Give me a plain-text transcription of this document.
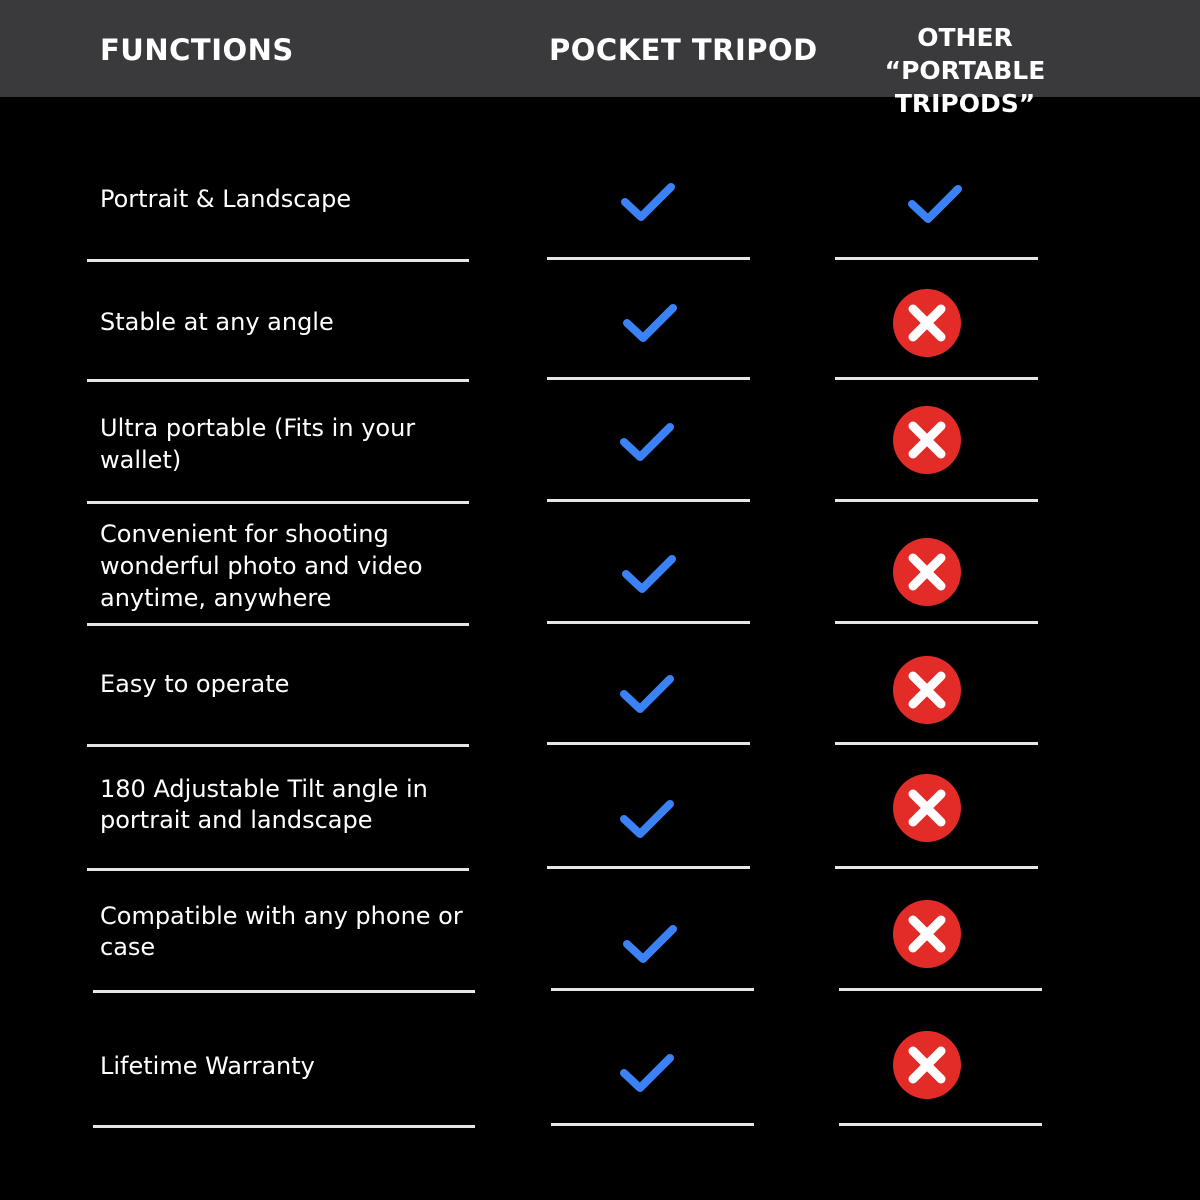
FUNCTIONS	POCKET TRIPOD	OTHER “PORTABLE TRIPODS”
Portrait & Landscape
Stable at any angle
Ultra portable (Fits in your wallet)
Convenient for shooting wonderful photo and video anytime, anywhere
Easy to operate
180 Adjustable Tilt angle in portrait and landscape
Compatible with any phone or case
Lifetime Warranty
